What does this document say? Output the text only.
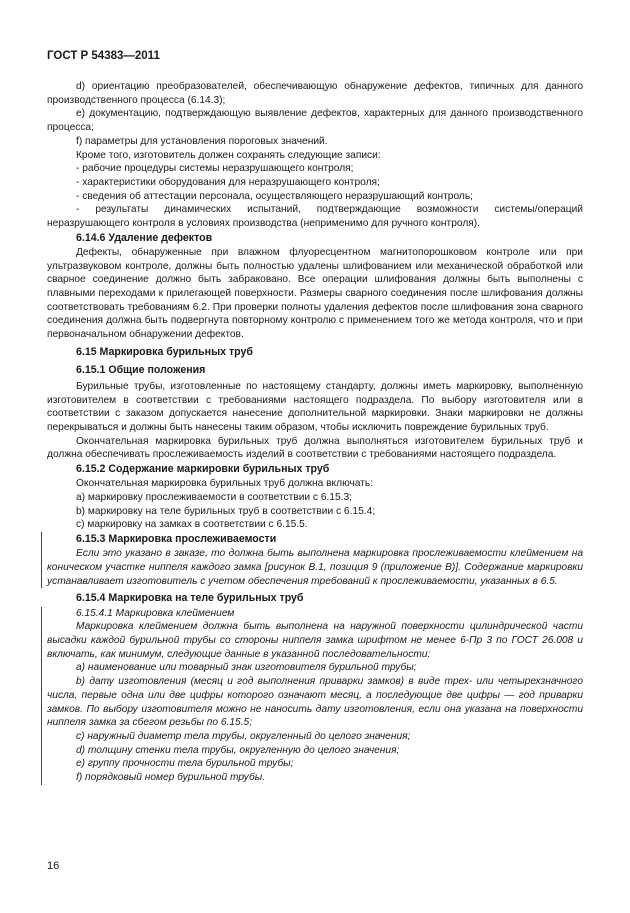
ГОСТ Р 54383—2011

d) ориентацию преобразователей, обеспечивающую обнаружение дефектов, типичных для данного производственного процесса (6.14.3);

e) документацию, подтверждающую выявление дефектов, характерных для данного производственного процесса;

f) параметры для установления пороговых значений.

Кроме того, изготовитель должен сохранять следующие записи:

- рабочие процедуры системы неразрушающего контроля;

- характеристики оборудования для неразрушающего контроля;

- сведения об аттестации персонала, осуществляющего неразрушающий контроль;

- результаты динамических испытаний, подтверждающие возможности системы/операций неразрушающего контроля в условиях производства (неприменимо для ручного контроля).

6.14.6 Удаление дефектов

Дефекты, обнаруженные при влажном флуоресцентном магнитопорошковом контроле или при ультразвуковом контроле, должны быть полностью удалены шлифованием или механической обработкой или сварное соединение должно быть забраковано. Все операции шлифования должны быть выполнены с плавными переходами к прилегающей поверхности. Размеры сварного соединения после шлифования должны соответствовать требованиям 6.2. При проверки полноты удаления дефектов после шлифования зона сварного соединения должна быть подвергнута повторному контролю с применением того же метода контроля, что и при первоначальном обнаружении дефектов.

6.15 Маркировка бурильных труб
6.15.1 Общие положения

Бурильные трубы, изготовленные по настоящему стандарту, должны иметь маркировку, выполненную изготовителем в соответствии с требованиями настоящего подраздела. По выбору изготовителя или в соответствии с заказом допускается нанесение дополнительной маркировки. Знаки маркировки не должны перекрываться и должны быть нанесены таким образом, чтобы исключить повреждение бурильных труб.

Окончательная маркировка бурильных труб должна выполняться изготовителем бурильных труб и должна обеспечивать прослеживаемость изделий в соответствии с требованиями настоящего подраздела.

6.15.2 Содержание маркировки бурильных труб

Окончательная маркировка бурильных труб должна включать:

a) маркировку прослеживаемости в соответствии с 6.15.3;

b) маркировку на теле бурильных труб в соответствии с 6.15.4;

c) маркировку на замках в соответствии с 6.15.5.

6.15.3 Маркировка прослеживаемости

Если это указано в заказе, то должна быть выполнена маркировка прослеживаемости клеймением на коническом участке ниппеля каждого замка [рисунок В.1, позиция 9 (приложение В)]. Содержание маркировки устанавливает изготовитель с учетом обеспечения требований к прослеживаемости, указанных в 6.5.

6.15.4 Маркировка на теле бурильных труб

6.15.4.1 Маркировка клеймением

Маркировка клеймением должна быть выполнена на наружной поверхности цилиндрической части высадки каждой бурильной трубы со стороны ниппеля замка шрифтом не менее 6-Пр 3 по ГОСТ 26.008 и включать, как минимум, следующие данные в указанной последовательности:

a) наименование или товарный знак изготовителя бурильной трубы;

b) дату изготовления (месяц и год выполнения приварки замков) в виде трех- или четырехзначного числа, первые одна или две цифры которого означают месяц, а последующие две цифры — год приварки замков. По выбору изготовителя можно не наносить дату изготовления, если она указана на поверхности ниппеля замка за сбегом резьбы по 6.15.5;

c) наружный диаметр тела трубы, округленный до целого значения;

d) толщину стенки тела трубы, округленную до целого значения;

e) группу прочности тела бурильной трубы;

f) порядковый номер бурильной трубы.

16
